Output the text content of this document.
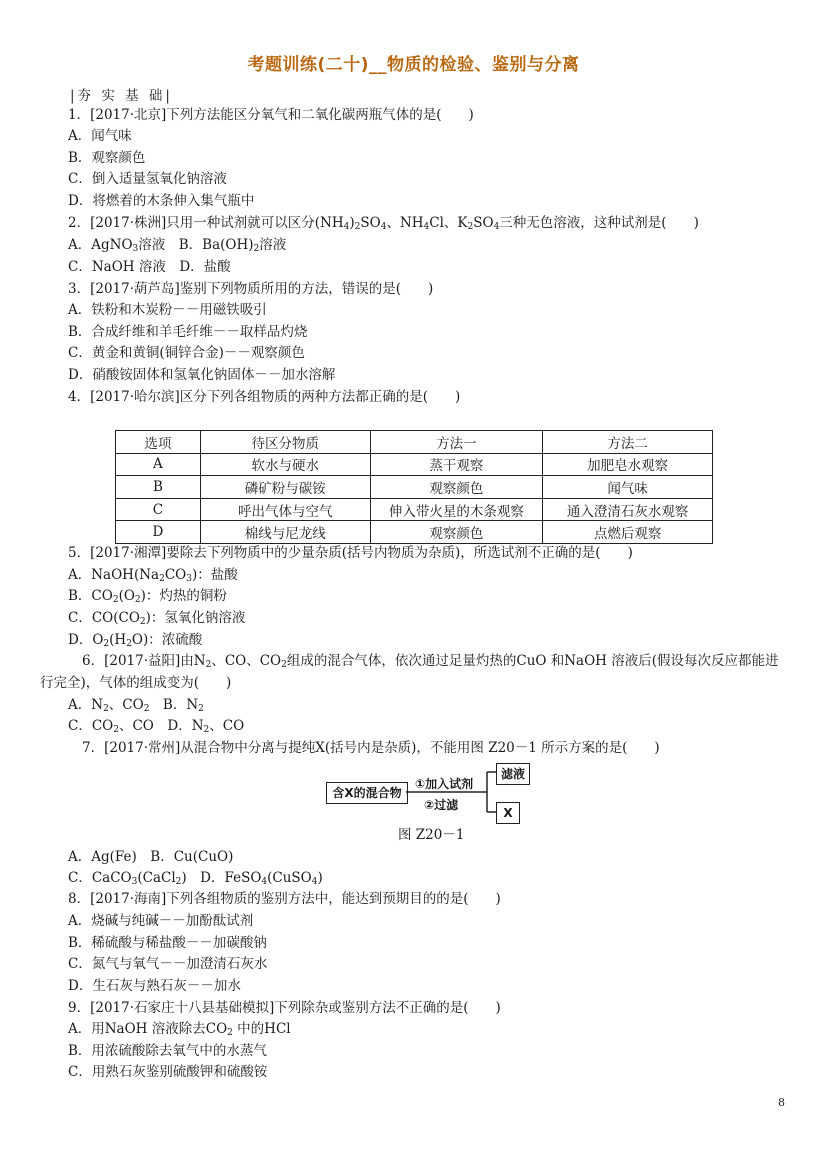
考题训练(二十)__物质的检验、鉴别与分离
|夯 实 基 础|
1．[2017·北京]下列方法能区分氧气和二氧化碳两瓶气体的是(　　)
A．闻气味
B．观察颜色
C．倒入适量氢氧化钠溶液
D．将燃着的木条伸入集气瓶中
2．[2017·株洲]只用一种试剂就可以区分$(NH_4)_2SO_4$、$NH_4Cl$、$K_2SO_4$三种无色溶液，这种试剂是(　　)
A．AgNO$_3$溶液　B．$Ba(OH)_2$溶液
C．NaOH 溶液　D．盐酸
3．[2017·葫芦岛]鉴别下列物质所用的方法，错误的是(　　)
A．铁粉和木炭粉－－用磁铁吸引
B．合成纤维和羊毛纤维－－取样品灼烧
C．黄金和黄铜(铜锌合金)－－观察颜色
D．硝酸铵固体和氢氧化钠固体－－加水溶解
4．[2017·哈尔滨]区分下列各组物质的两种方法都正确的是(　　)
选项	待区分物质	方法一	方法二
A	软水与硬水	蒸干观察	加肥皂水观察
B	磷矿粉与碳铵	观察颜色	闻气味
C	呼出气体与空气	伸入带火星的木条观察	通入澄清石灰水观察
D	棉线与尼龙线	观察颜色	点燃后观察
5．[2017·湘潭]要除去下列物质中的少量杂质(括号内物质为杂质)，所选试剂不正确的是(　　)
A．$NaOH(Na_2CO_3)$：盐酸
B．$CO_2(O_2)$：灼热的铜粉
C．$CO(CO_2)$：氢氧化钠溶液
D．$O_2(H_2O)$：浓硫酸
6．[2017·益阳]由$N_2$、CO、$CO_2$组成的混合气体，依次通过足量灼热的CuO 和NaOH 溶液后(假设每次反应都能进
行完全)，气体的组成变为(　　)
A．$N_2$、$CO_2$　B．$N_2$
C．$CO_2$、CO　D．$N_2$、CO
7．[2017·常州]从混合物中分离与提纯X(括号内是杂质)，不能用图 Z20－1 所示方案的是(　　)
含X的混合物
①加入试剂
②过滤
滤液
X
图 Z20－1
A．Ag(Fe)　B．Cu(CuO)
C．CaCO$_3$(CaCl$_2$)　D．FeSO$_4$(CuSO$_4$)
8．[2017·海南]下列各组物质的鉴别方法中，能达到预期目的的是(　　)
A．烧碱与纯碱－－加酚酞试剂
B．稀硫酸与稀盐酸－－加碳酸钠
C．氮气与氧气－－加澄清石灰水
D．生石灰与熟石灰－－加水
9．[2017·石家庄十八县基础模拟]下列除杂或鉴别方法不正确的是(　　)
A．用NaOH 溶液除去$CO_2$ 中的HCl
B．用浓硫酸除去氧气中的水蒸气
C．用熟石灰鉴别硫酸钾和硫酸铵
8
